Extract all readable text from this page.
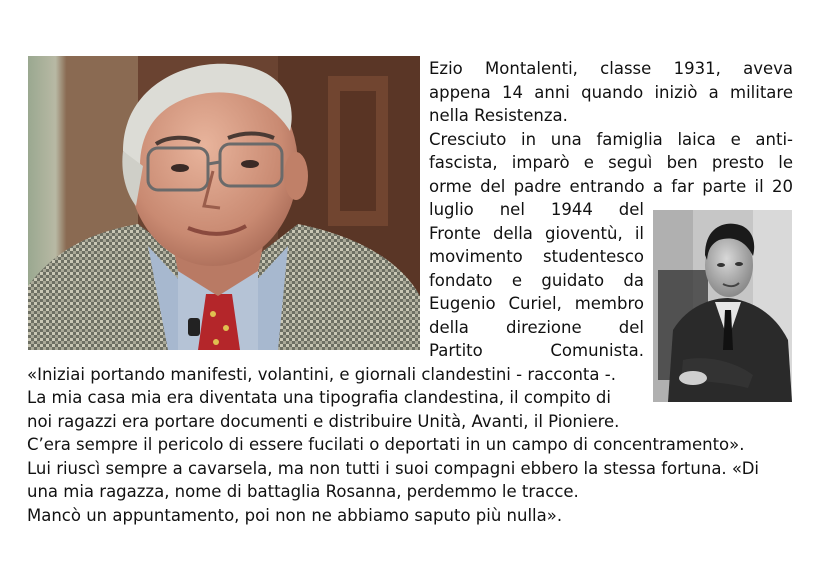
Ezio Montalenti, classe 1931, aveva

appena 14 anni quando iniziò a militare

nella Resistenza.

Cresciuto in una famiglia laica e anti-

fascista, imparò e seguì ben presto le

orme del padre entrando a far parte il 20

luglio nel 1944 del

Fronte della gioventù, il

movimento studentesco

fondato e guidato da

Eugenio Curiel, membro

della direzione del

Partito Comunista.

«Iniziai portando manifesti, volantini, e giornali clandestini - racconta -.

La mia casa mia era diventata una tipografia clandestina, il compito di

noi ragazzi era portare documenti e distribuire Unità, Avanti, il Pioniere.

C’era sempre il pericolo di essere fucilati o deportati in un campo di concentramento».

Lui riuscì sempre a cavarsela, ma non tutti i suoi compagni ebbero la stessa fortuna. «Di

una mia ragazza, nome di battaglia Rosanna, perdemmo le tracce.

Mancò un appuntamento, poi non ne abbiamo saputo più nulla».
